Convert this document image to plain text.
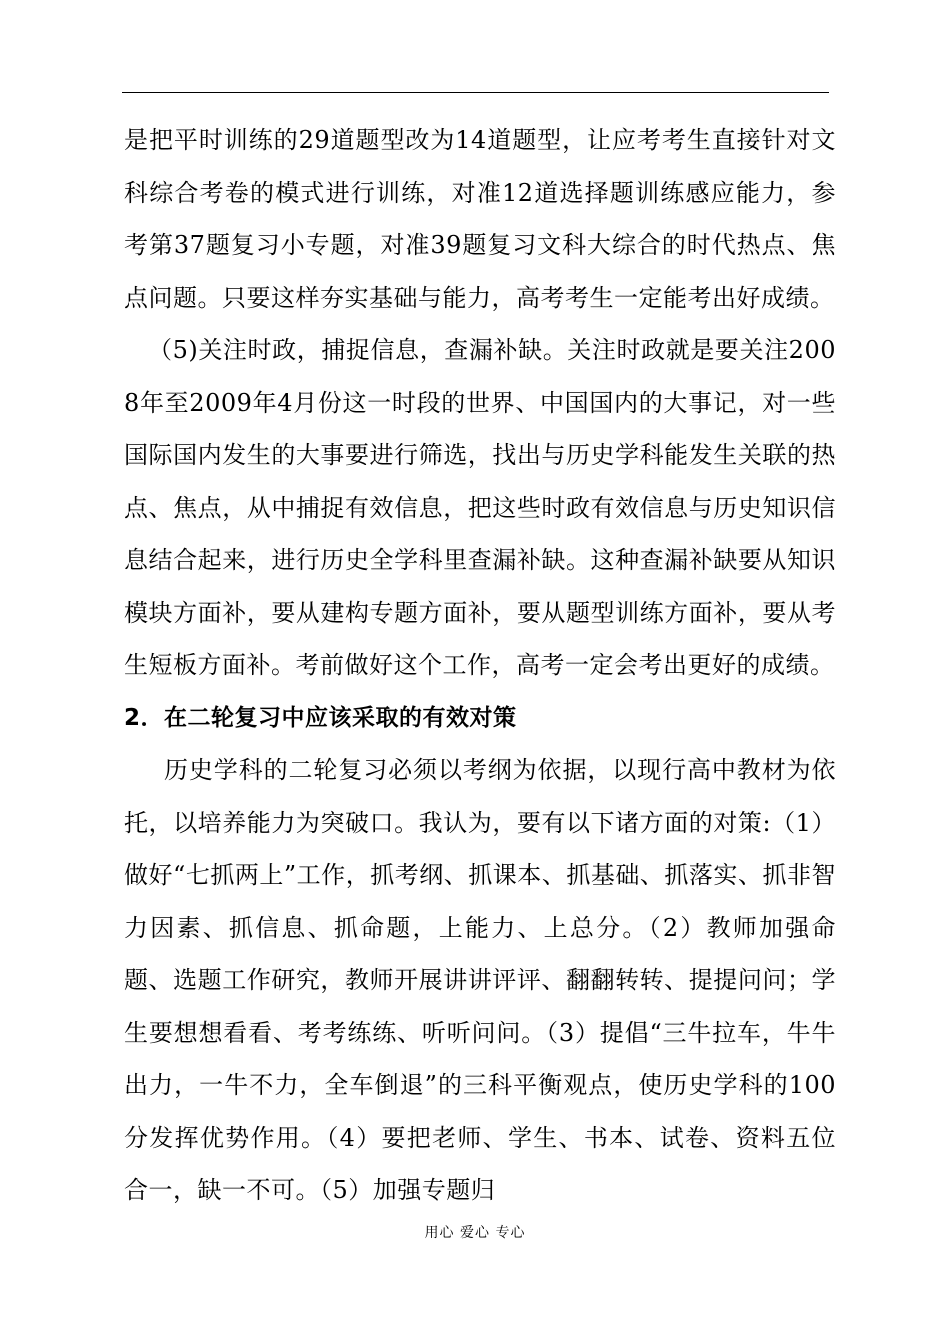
是把平时训练的29道题型改为14道题型，让应考考生直接针对文科综合考卷的模式进行训练，对准12道选择题训练感应能力，参考第37题复习小专题，对准39题复习文科大综合的时代热点、焦点问题。只要这样夯实基础与能力，高考考生一定能考出好成绩。

（5)关注时政，捕捉信息，查漏补缺。关注时政就是要关注2008年至2009年4月份这一时段的世界、中国国内的大事记，对一些国际国内发生的大事要进行筛选，找出与历史学科能发生关联的热点、焦点，从中捕捉有效信息，把这些时政有效信息与历史知识信息结合起来，进行历史全学科里查漏补缺。这种查漏补缺要从知识模块方面补，要从建构专题方面补，要从题型训练方面补，要从考生短板方面补。考前做好这个工作，高考一定会考出更好的成绩。

2．在二轮复习中应该采取的有效对策

历史学科的二轮复习必须以考纲为依据，以现行高中教材为依托，以培养能力为突破口。我认为，要有以下诸方面的对策:（1）做好“七抓两上”工作，抓考纲、抓课本、抓基础、抓落实、抓非智力因素、抓信息、抓命题，上能力、上总分。（2）教师加强命题、选题工作研究，教师开展讲讲评评、翻翻转转、提提问问；学生要想想看看、考考练练、听听问问。（3）提倡“三牛拉车，牛牛出力，一牛不力，全车倒退”的三科平衡观点，使历史学科的100分发挥优势作用。（4）要把老师、学生、书本、试卷、资料五位合一，缺一不可。（5）加强专题归

用心 爱心 专心
